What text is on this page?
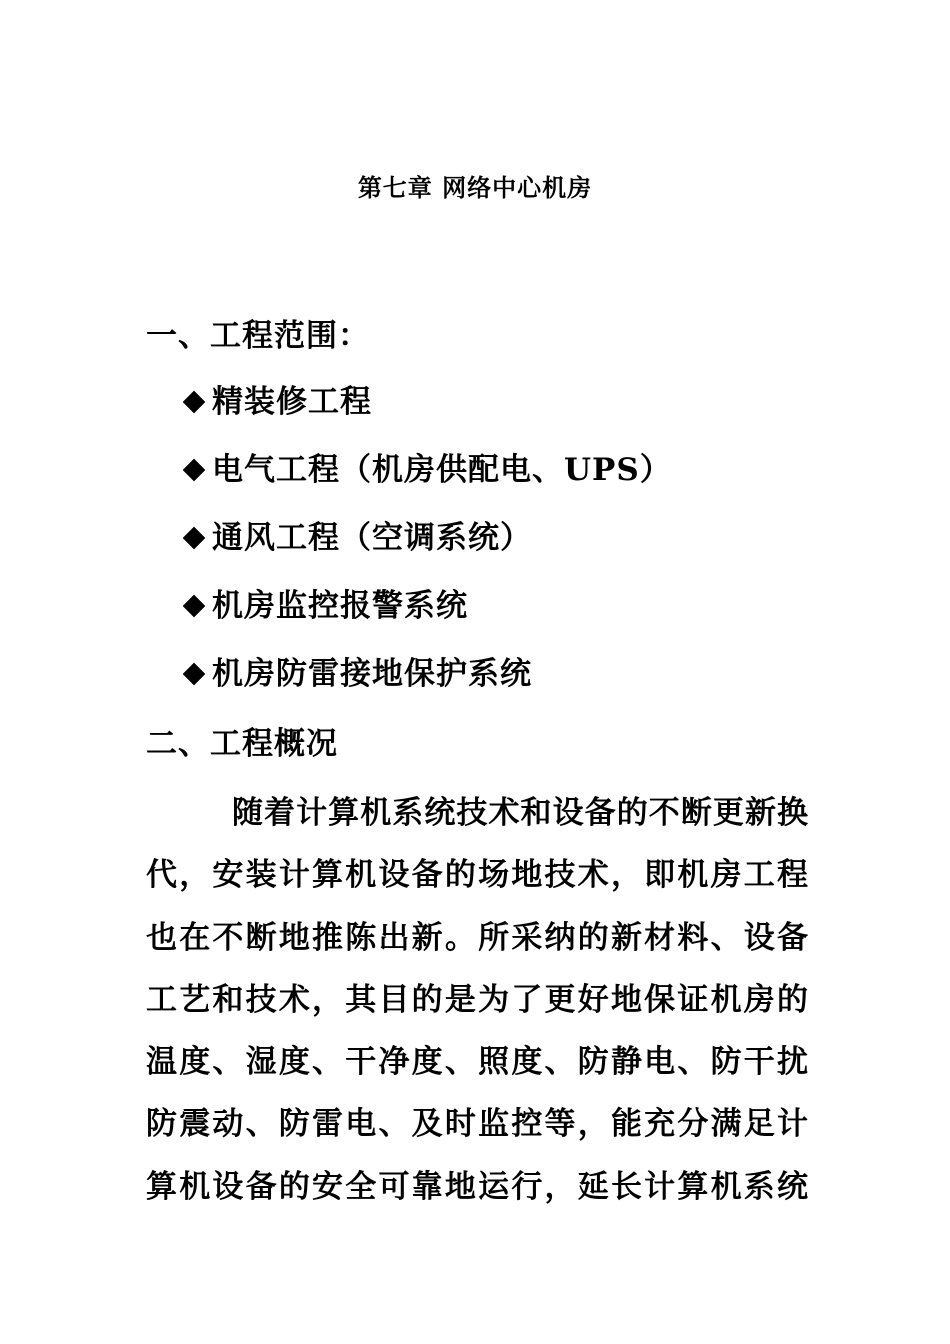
第七章 网络中心机房
一、工程范围：
精装修工程
电气工程（机房供配电、UPS）
通风工程（空调系统）
机房监控报警系统
机房防雷接地保护系统
二、工程概况
随着计算机系统技术和设备的不断更新换
代，安装计算机设备的场地技术，即机房工程
也在不断地推陈出新。所采纳的新材料、设备
工艺和技术，其目的是为了更好地保证机房的
温度、湿度、干净度、照度、防静电、防干扰
防震动、防雷电、及时监控等，能充分满足计
算机设备的安全可靠地运行，延长计算机系统
